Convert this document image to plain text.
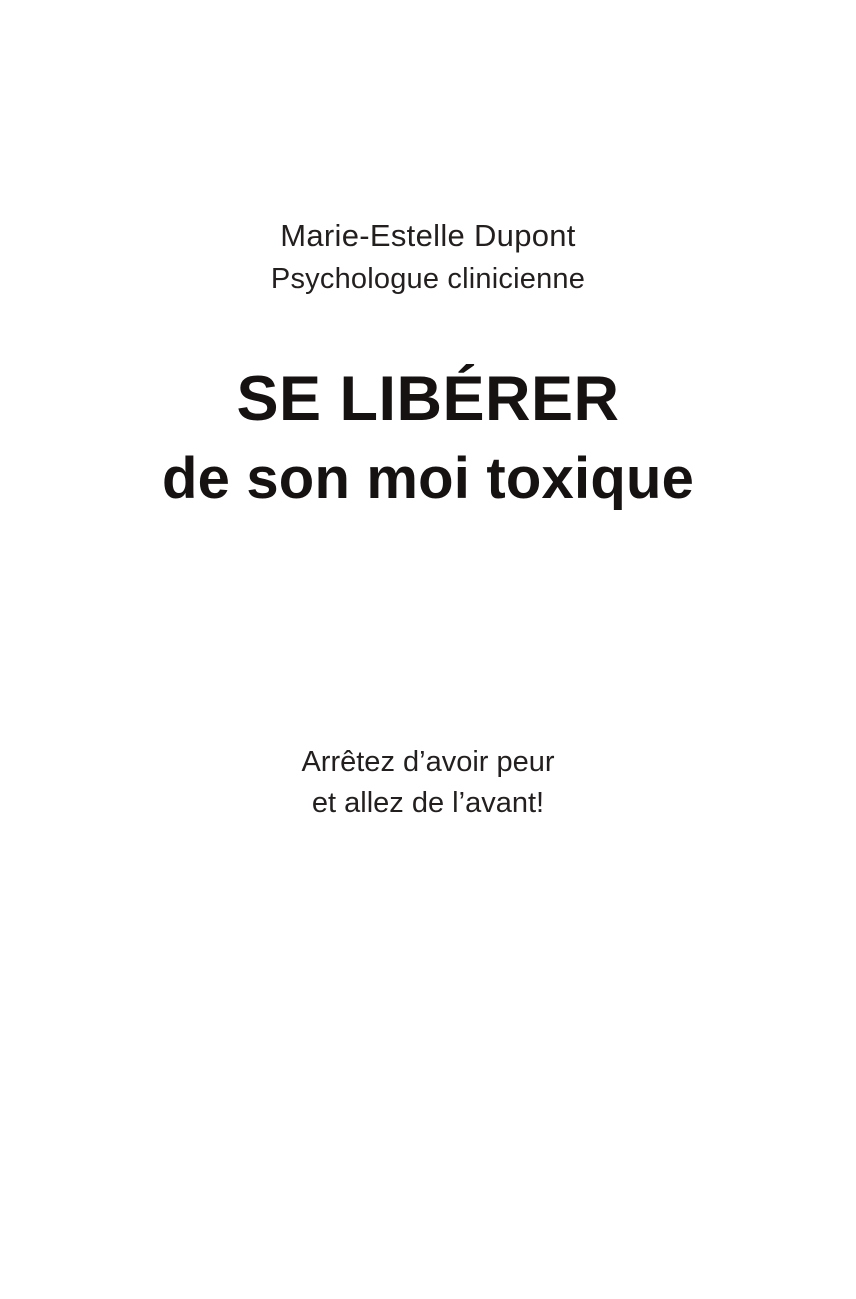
Marie-Estelle Dupont
Psychologue clinicienne
SE LIBÉRER
de son moi toxique
Arrêtez d’avoir peur
et allez de l’avant!
